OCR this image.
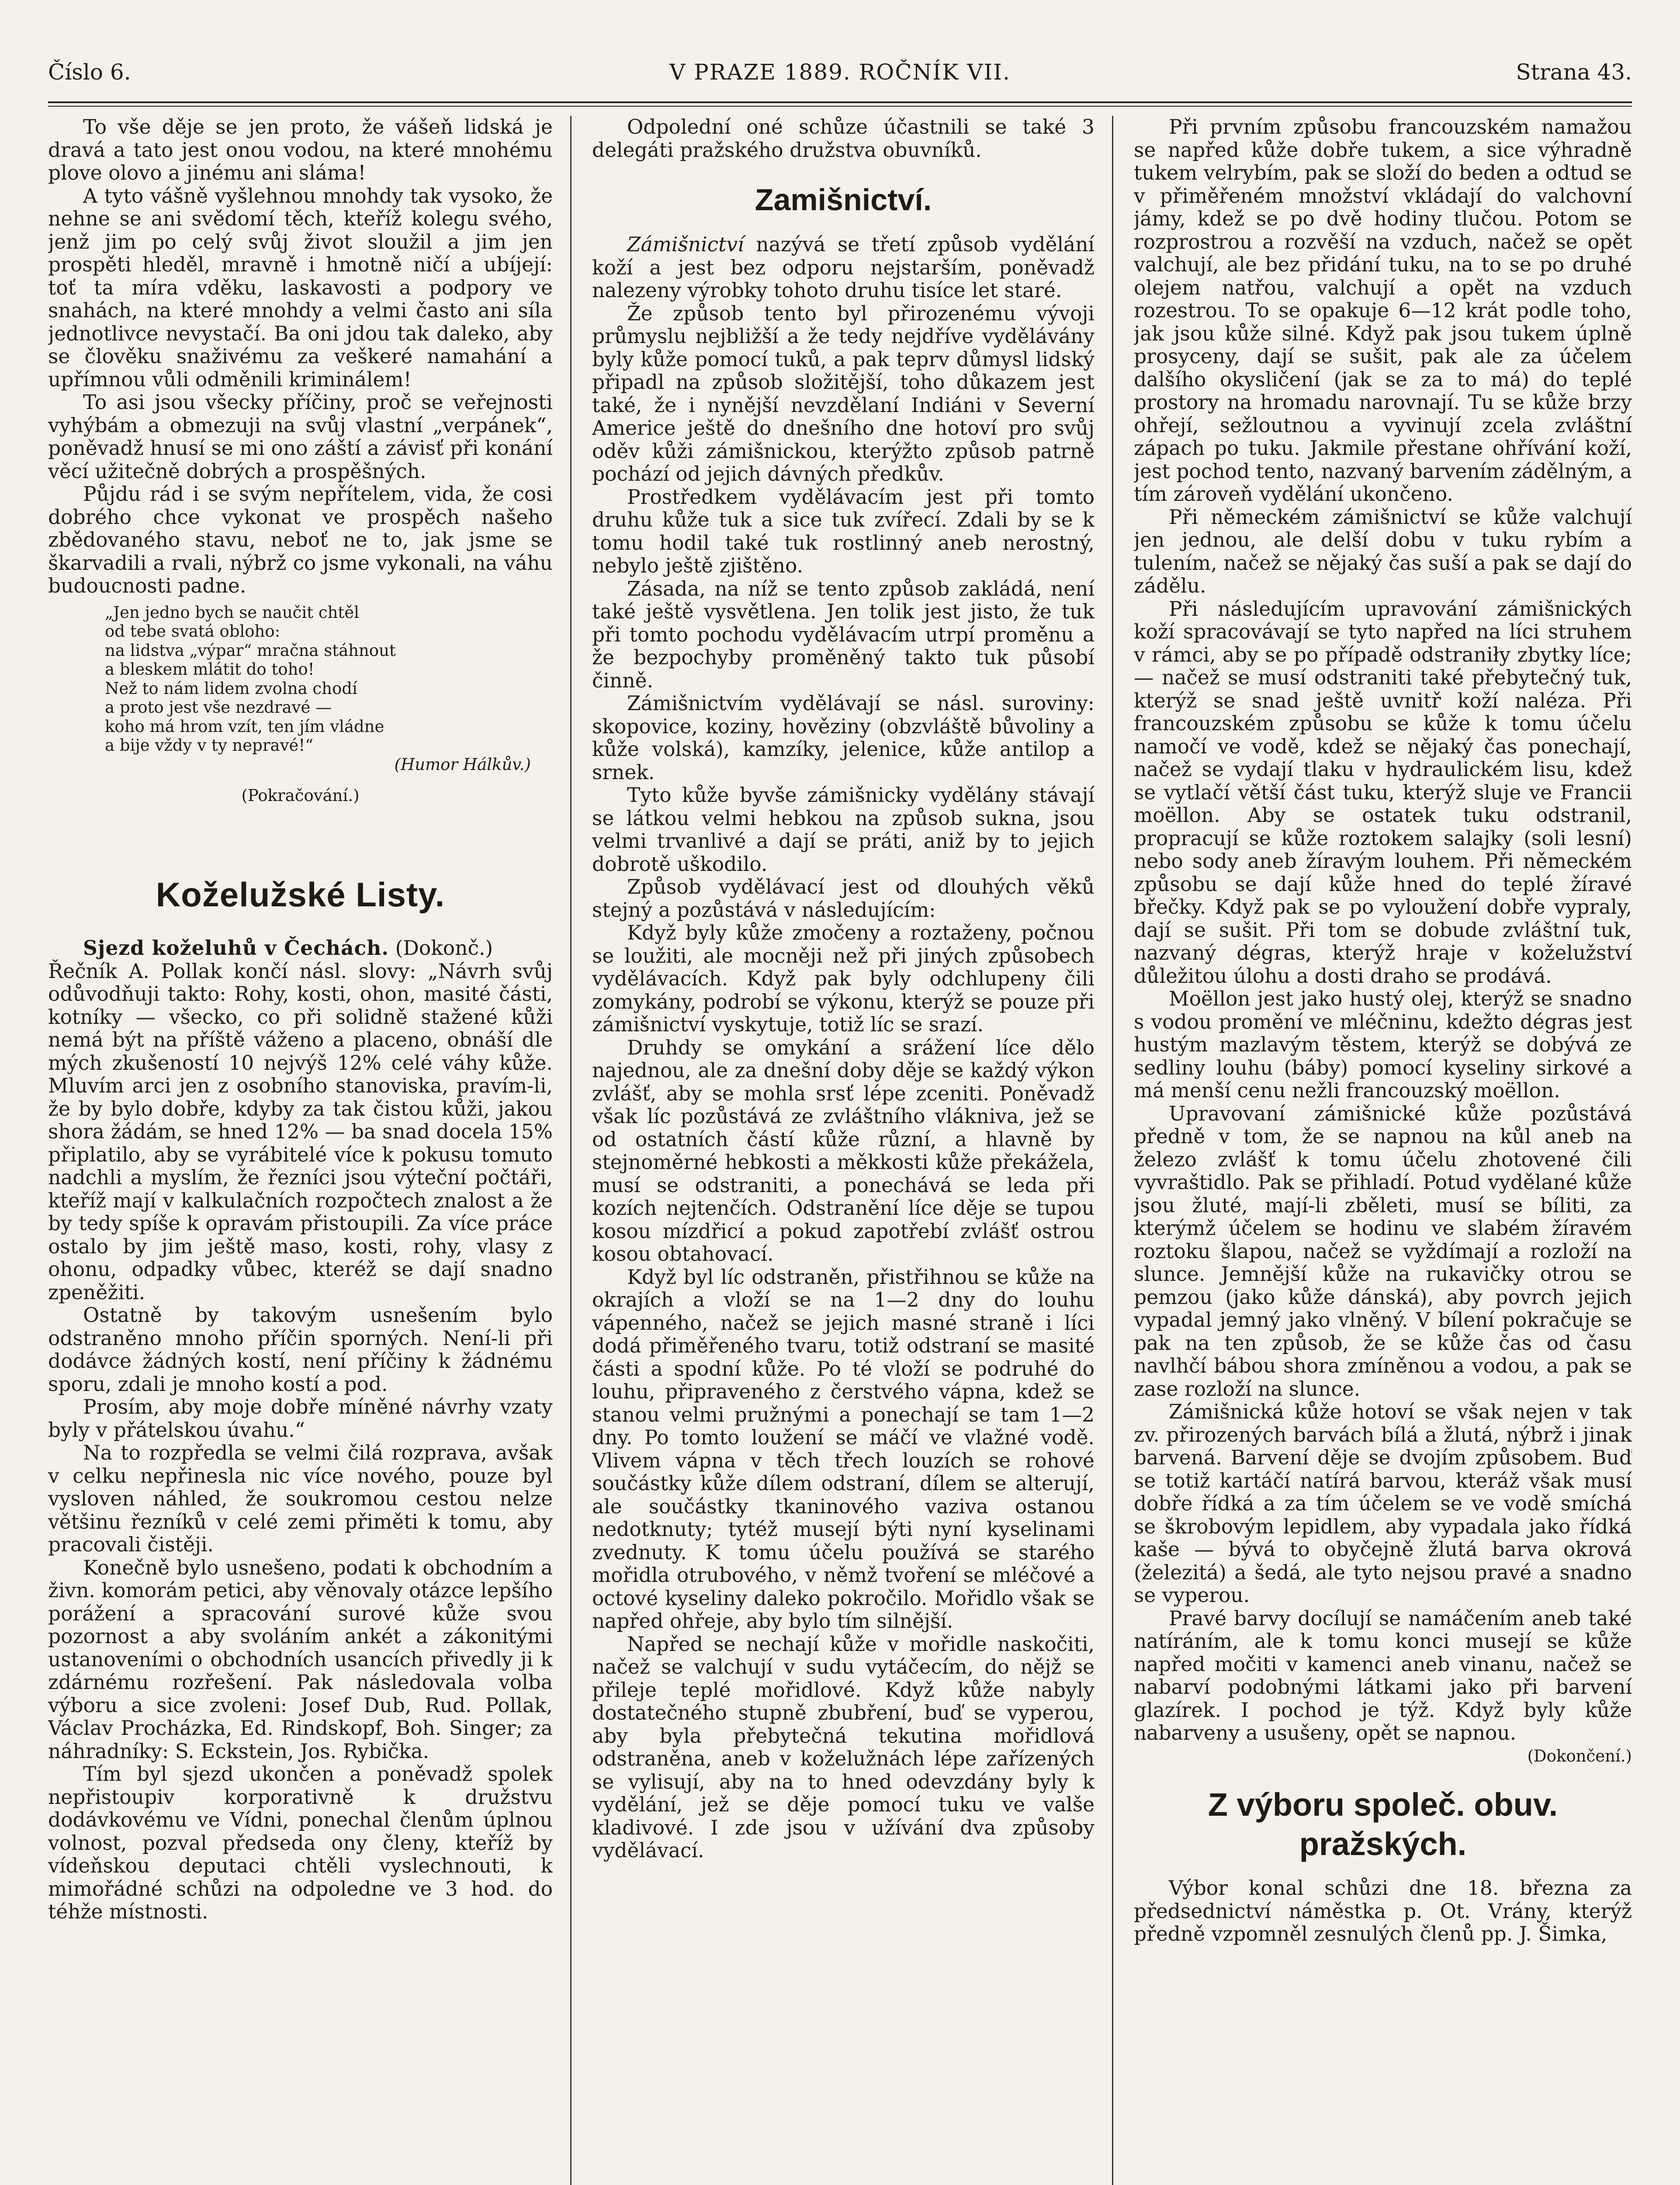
Číslo 6.	V PRAZE 1889. ROČNÍK VII.	Strana 43.

To vše děje se jen proto, že vášeň lidská je dravá a tato jest onou vodou, na které mnohému plove olovo a jinému ani sláma!

A tyto vášně vyšlehnou mnohdy tak vysoko, že nehne se ani svědomí těch, kteříž kolegu svého, jenž jim po celý svůj život sloužil a jim jen prospěti hleděl, mravně i hmotně ničí a ubíjejí: toť ta míra vděku, laskavosti a podpory ve snahách, na které mnohdy a velmi často ani síla jednotlivce nevystačí. Ba oni jdou tak daleko, aby se člověku snaživému za veškeré namahání a upřímnou vůli odměnili kriminálem!

To asi jsou všecky příčiny, proč se veřejnosti vyhýbám a obmezuji na svůj vlastní „verpánek“, poněvadž hnusí se mi ono záští a závisť při konání věcí užitečně dobrých a prospěšných.

Půjdu rád i se svým nepřítelem, vida, že cosi dobrého chce vykonat ve prospěch našeho zbědovaného stavu, neboť ne to, jak jsme se škarvadili a rvali, nýbrž co jsme vykonali, na váhu budoucnosti padne.

„Jen jedno bych se naučit chtěl
od tebe svatá obloho:
na lidstva „výpar“ mračna stáhnout
a bleskem mlátit do toho!
Než to nám lidem zvolna chodí
a proto jest vše nezdravé —
koho má hrom vzít, ten jím vládne
a bije vždy v ty nepravé!“
(Humor Hálkův.)

(Pokračování.)

Koželužské Listy.

Sjezd koželuhů v Čechách. (Dokonč.)

Řečník A. Pollak končí násl. slovy: „Návrh svůj odůvodňuji takto: Rohy, kosti, ohon, masité části, kotníky — všecko, co při solidně stažené kůži nemá být na příště váženo a placeno, obnáší dle mých zkušeností 10 nejvýš 12% celé váhy kůže. Mluvím arci jen z osobního stanoviska, pravím-li, že by bylo dobře, kdyby za tak čistou kůži, jakou shora žádám, se hned 12% — ba snad docela 15% připlatilo, aby se vyrábitelé více k pokusu tomuto nadchli a myslím, že řezníci jsou výteční počtáři, kteříž mají v kalkulačních rozpočtech znalost a že by tedy spíše k opravám přistoupili. Za více práce ostalo by jim ještě maso, kosti, rohy, vlasy z ohonu, odpadky vůbec, kteréž se dají snadno zpeněžiti.

Ostatně by takovým usnešením bylo odstraněno mnoho příčin sporných. Není-li při dodávce žádných kostí, není příčiny k žádnému sporu, zdali je mnoho kostí a pod.

Prosím, aby moje dobře míněné návrhy vzaty byly v přátelskou úvahu.“

Na to rozpředla se velmi čilá rozprava, avšak v celku nepřinesla nic více nového, pouze byl vysloven náhled, že soukromou cestou nelze většinu řezníků v celé zemi přiměti k tomu, aby pracovali čistěji.

Konečně bylo usnešeno, podati k obchodním a živn. komorám petici, aby věnovaly otázce lepšího porážení a spracování surové kůže svou pozornost a aby svoláním ankét a zákonitými ustanoveními o obchodních usancích přivedly ji k zdárnému rozřešení. Pak následovala volba výboru a sice zvoleni: Josef Dub, Rud. Pollak, Václav Procházka, Ed. Rindskopf, Boh. Singer; za náhradníky: S. Eckstein, Jos. Rybička.

Tím byl sjezd ukončen a poněvadž spolek nepřistoupiv korporativně k družstvu dodávkovému ve Vídni, ponechal členům úplnou volnost, pozval předseda ony členy, kteříž by vídeňskou deputaci chtěli vyslechnouti, k mimořádné schůzi na odpoledne ve 3 hod. do téhže místnosti.

Odpolední oné schůze účastnili se také 3 delegáti pražského družstva obuvníků.

Zamišnictví.

Zámišnictví nazývá se třetí způsob vydělání koží a jest bez odporu nejstarším, poněvadž nalezeny výrobky tohoto druhu tisíce let staré.

Že způsob tento byl přirozenému vývoji průmyslu nejbližší a že tedy nejdříve vydělávány byly kůže pomocí tuků, a pak teprv důmysl lidský připadl na způsob složitější, toho důkazem jest také, že i nynější nevzdělaní Indiáni v Severní Americe ještě do dnešního dne hotoví pro svůj oděv kůži zámišnickou, kterýžto způsob patrně pochází od jejich dávných předkův.

Prostředkem vydělávacím jest při tomto druhu kůže tuk a sice tuk zvířecí. Zdali by se k tomu hodil také tuk rostlinný aneb nerostný, nebylo ještě zjištěno.

Zásada, na níž se tento způsob zakládá, není také ještě vysvětlena. Jen tolik jest jisto, že tuk při tomto pochodu vydělávacím utrpí proměnu a že bezpochyby proměněný takto tuk působí činně.

Zámišnictvím vydělávají se násl. suroviny: skopovice, koziny, hověziny (obzvláště bůvoliny a kůže volská), kamzíky, jelenice, kůže antilop a srnek.

Tyto kůže byvše zámišnicky vydělány stávají se látkou velmi hebkou na způsob sukna, jsou velmi trvanlivé a dají se práti, aniž by to jejich dobrotě uškodilo.

Způsob vydělávací jest od dlouhých věků stejný a pozůstává v následujícím:

Když byly kůže zmočeny a roztaženy, počnou se loužiti, ale mocněji než při jiných způsobech vydělávacích. Když pak byly odchlupeny čili zomykány, podrobí se výkonu, kterýž se pouze při zámišnictví vyskytuje, totiž líc se srazí.

Druhdy se omykání a srážení líce dělo najednou, ale za dnešní doby děje se každý výkon zvlášť, aby se mohla srsť lépe zceniti. Poněvadž však líc pozůstává ze zvláštního vlákniva, jež se od ostatních částí kůže různí, a hlavně by stejnoměrné hebkosti a měkkosti kůže překážela, musí se odstraniti, a ponechává se leda při kozích nejtenčích. Odstranění líce děje se tupou kosou mízdřicí a pokud zapotřebí zvlášť ostrou kosou obtahovací.

Když byl líc odstraněn, přistřihnou se kůže na okrajích a vloží se na 1—2 dny do louhu vápenného, načež se jejich masné straně i líci dodá přiměřeného tvaru, totiž odstraní se masité části a spodní kůže. Po té vloží se podruhé do louhu, připraveného z čerstvého vápna, kdež se stanou velmi pružnými a ponechají se tam 1—2 dny. Po tomto loužení se máčí ve vlažné vodě. Vlivem vápna v těch třech louzích se rohové součástky kůže dílem odstraní, dílem se alterují, ale součástky tkaninového vaziva ostanou nedotknuty; tytéž musejí býti nyní kyselinami zvednuty. K tomu účelu používá se starého mořidla otrubového, v němž tvoření se mléčové a octové kyseliny daleko pokročilo. Mořidlo však se napřed ohřeje, aby bylo tím silnější.

Napřed se nechají kůže v mořidle naskočiti, načež se valchují v sudu vytáčecím, do nějž se přileje teplé mořidlové. Když kůže nabyly dostatečného stupně zbubření, buď se vyperou, aby byla přebytečná tekutina mořidlová odstraněna, aneb v koželužnách lépe zařízených se vylisují, aby na to hned odevzdány byly k vydělání, jež se děje pomocí tuku ve valše kladivové. I zde jsou v užívání dva způsoby vydělávací.

Při prvním způsobu francouzském namažou se napřed kůže dobře tukem, a sice výhradně tukem velrybím, pak se složí do beden a odtud se v přiměřeném množství vkládají do valchovní jámy, kdež se po dvě hodiny tlučou. Potom se rozprostrou a rozvěší na vzduch, načež se opět valchují, ale bez přidání tuku, na to se po druhé olejem natřou, valchují a opět na vzduch rozestrou. To se opakuje 6—12 krát podle toho, jak jsou kůže silné. Když pak jsou tukem úplně prosyceny, dají se sušit, pak ale za účelem dalšího okysličení (jak se za to má) do teplé prostory na hromadu narovnají. Tu se kůže brzy ohřejí, sežloutnou a vyvinují zcela zvláštní zápach po tuku. Jakmile přestane ohřívání koží, jest pochod tento, nazvaný barvením zádělným, a tím zároveň vydělání ukončeno.

Při německém zámišnictví se kůže valchují jen jednou, ale delší dobu v tuku rybím a tulením, načež se nějaký čas suší a pak se dají do zádělu.

Při následujícím upravování zámišnických koží spracovávají se tyto napřed na líci struhem v rámci, aby se po případě odstraniły zbytky líce; — načež se musí odstraniti také přebytečný tuk, kterýž se snad ještě uvnitř koží naléza. Při francouzském způsobu se kůže k tomu účelu namočí ve vodě, kdež se nějaký čas ponechají, načež se vydají tlaku v hydraulickém lisu, kdež se vytlačí větší část tuku, kterýž sluje ve Francii moëllon. Aby se ostatek tuku odstranil, propracují se kůže roztokem salajky (soli lesní) nebo sody aneb žíravým louhem. Při německém způsobu se dají kůže hned do teplé žíravé břečky. Když pak se po vyloužení dobře vypraly, dají se sušit. Při tom se dobude zvláštní tuk, nazvaný dégras, kterýž hraje v koželužství důležitou úlohu a dosti draho se prodává.

Moëllon jest jako hustý olej, kterýž se snadno s vodou promění ve mléčninu, kdežto dégras jest hustým mazlavým těstem, kterýž se dobývá ze sedliny louhu (báby) pomocí kyseliny sirkové a má menší cenu nežli francouzský moëllon.

Upravovaní zámišnické kůže pozůstává předně v tom, že se napnou na kůl aneb na železo zvlášť k tomu účelu zhotovené čili vyvraštidlo. Pak se přihladí. Potud vydělané kůže jsou žluté, mají-li zběleti, musí se bíliti, za kterýmž účelem se hodinu ve slabém žíravém roztoku šlapou, načež se vyždímají a rozloží na slunce. Jemnější kůže na rukavičky otrou se pemzou (jako kůže dánská), aby povrch jejich vypadal jemný jako vlněný. V bílení pokračuje se pak na ten způsob, že se kůže čas od času navlhčí bábou shora zmíněnou a vodou, a pak se zase rozloží na slunce.

Zámišnická kůže hotoví se však nejen v tak zv. přirozených barvách bílá a žlutá, nýbrž i jinak barvená. Barvení děje se dvojím způsobem. Buď se totiž kartáčí natírá barvou, kteráž však musí dobře řídká a za tím účelem se ve vodě smíchá se škrobovým lepidlem, aby vypadala jako řídká kaše — bývá to obyčejně žlutá barva okrová (železitá) a šedá, ale tyto nejsou pravé a snadno se vyperou.

Pravé barvy docílují se namáčením aneb také natíráním, ale k tomu konci musejí se kůže napřed močiti v kamenci aneb vinanu, načež se nabarví podobnými látkami jako při barvení glazírek. I pochod je týž. Když byly kůže nabarveny a usušeny, opět se napnou.

(Dokončení.)

Z výboru společ. obuv. pražských.

Výbor konal schůzi dne 18. března za předsednictví náměstka p. Ot. Vrány, kterýž předně vzpomněl zesnulých členů pp. J. Šimka,
